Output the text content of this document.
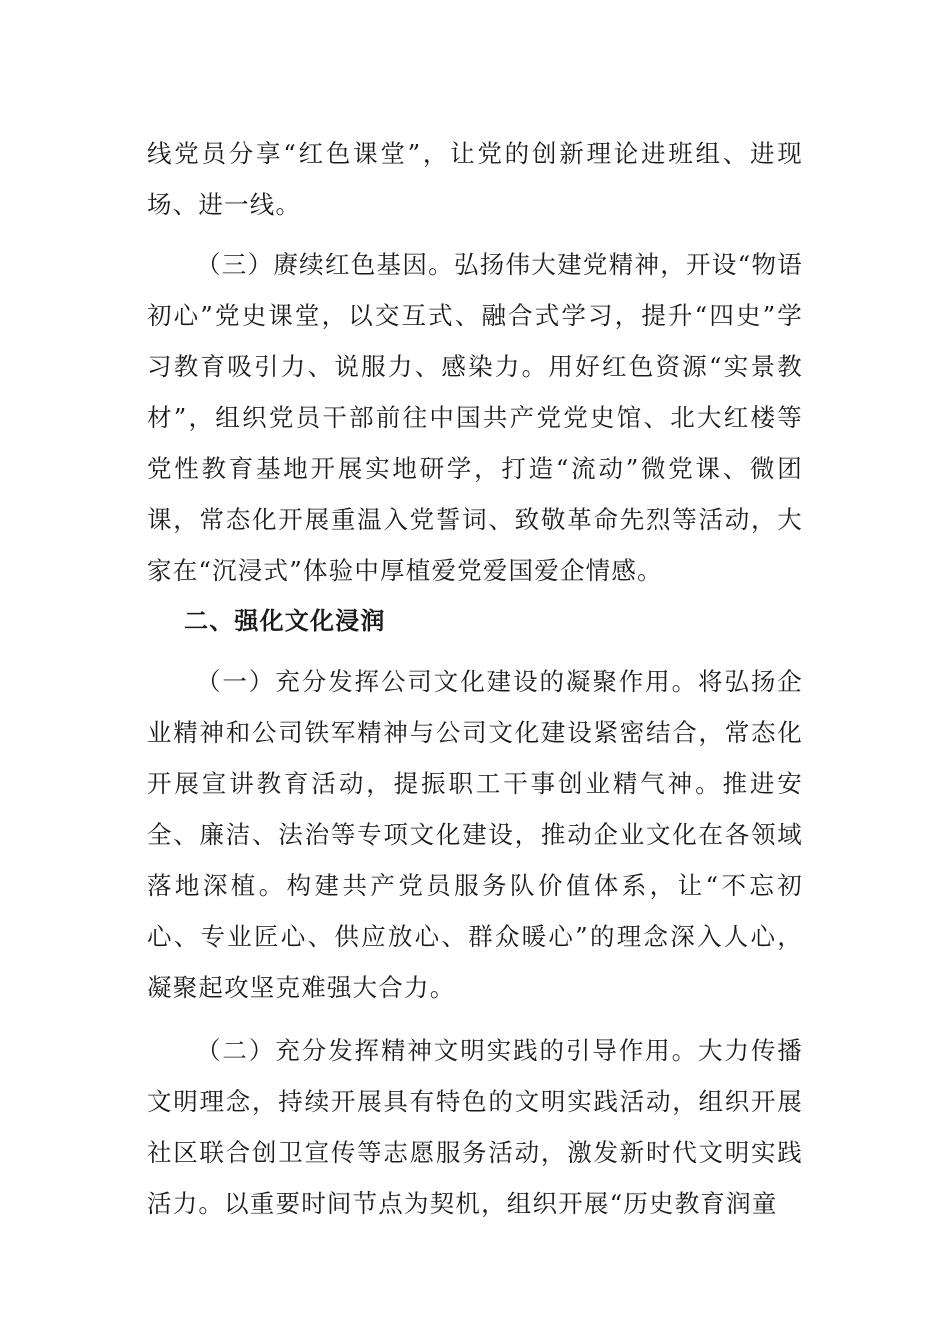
线党员分享“红色课堂”，让党的创新理论进班组、进现场、进一线。

（三）赓续红色基因。弘扬伟大建党精神，开设“物语初心”党史课堂，以交互式、融合式学习，提升“四史”学习教育吸引力、说服力、感染力。用好红色资源“实景教材”，组织党员干部前往中国共产党党史馆、北大红楼等党性教育基地开展实地研学，打造“流动”微党课、微团课，常态化开展重温入党誓词、致敬革命先烈等活动，大家在“沉浸式”体验中厚植爱党爱国爱企情感。

二、强化文化浸润

（一）充分发挥公司文化建设的凝聚作用。将弘扬企业精神和公司铁军精神与公司文化建设紧密结合，常态化开展宣讲教育活动，提振职工干事创业精气神。推进安全、廉洁、法治等专项文化建设，推动企业文化在各领域落地深植。构建共产党员服务队价值体系，让“不忘初心、专业匠心、供应放心、群众暖心”的理念深入人心，凝聚起攻坚克难强大合力。

（二）充分发挥精神文明实践的引导作用。大力传播文明理念，持续开展具有特色的文明实践活动，组织开展社区联合创卫宣传等志愿服务活动，激发新时代文明实践活力。以重要时间节点为契机，组织开展“历史教育润童
